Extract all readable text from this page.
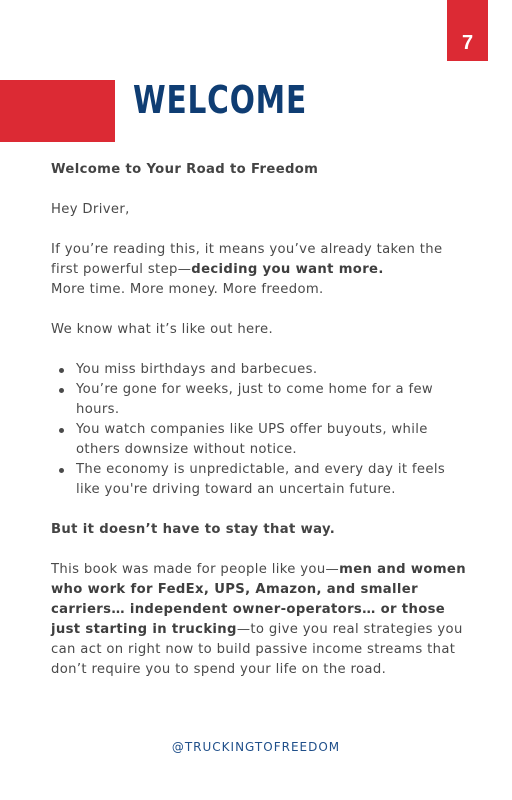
7
WELCOME

Welcome to Your Road to Freedom

Hey Driver,

If you’re reading this, it means you’ve already taken the first powerful step—deciding you want more.

More time. More money. More freedom.

We know what it’s like out here.

You miss birthdays and barbecues.
You’re gone for weeks, just to come home for a few hours.
You watch companies like UPS offer buyouts, while others downsize without notice.
The economy is unpredictable, and every day it feels like you're driving toward an uncertain future.

But it doesn’t have to stay that way.

This book was made for people like you—men and women who work for FedEx, UPS, Amazon, and smaller carriers… independent owner-operators… or those just starting in trucking—to give you real strategies you can act on right now to build passive income streams that don’t require you to spend your life on the road.

@TRUCKINGTOFREEDOM
